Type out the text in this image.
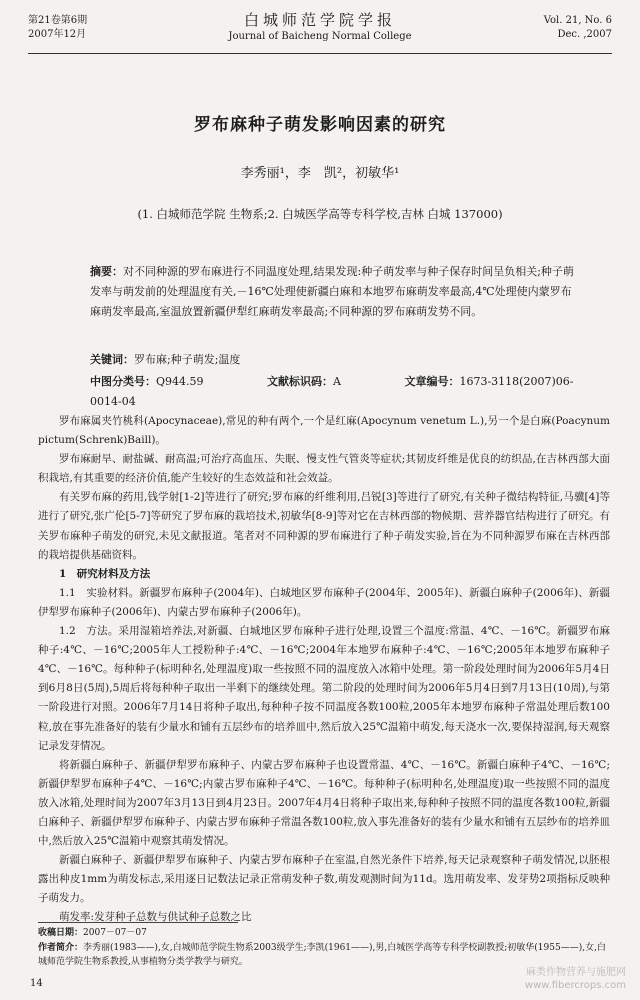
第21卷第6期
2007年12月
白城师范学院学报
Journal of Baicheng Normal College
Vol. 21, No. 6
Dec. ,2007
罗布麻种子萌发影响因素的研究
李秀丽¹，李　凯²，初敏华¹
(1. 白城师范学院 生物系;2. 白城医学高等专科学校,吉林 白城 137000)
摘要：对不同种源的罗布麻进行不同温度处理,结果发现:种子萌发率与种子保存时间呈负相关;种子萌发率与萌发前的处理温度有关,－16℃处理使新疆白麻和本地罗布麻萌发率最高,4℃处理使内蒙罗布麻萌发率最高,室温放置新疆伊犁红麻萌发率最高;不同种源的罗布麻萌发势不同。
关键词：罗布麻;种子萌发;温度
中图分类号：Q944.59	文献标识码：A	文章编号：1673-3118(2007)06-0014-04

罗布麻属夹竹桃科(Apocynaceae),常见的种有两个,一个是红麻(Apocynum venetum L.),另一个是白麻(Poacynum pictum(Schrenk)Baill)。

罗布麻耐旱、耐盐碱、耐高温;可治疗高血压、失眠、慢支性气管炎等症状;其韧皮纤维是优良的纺织品,在吉林西部大面积栽培,有其重要的经济价值,能产生较好的生态效益和社会效益。

有关罗布麻的药用,钱学射[1-2]等进行了研究;罗布麻的纤维利用,吕锐[3]等进行了研究,有关种子微结构特征,马骥[4]等进行了研究,张广伦[5-7]等研究了罗布麻的栽培技术,初敏华[8-9]等对它在吉林西部的物候期、营养器官结构进行了研究。有关罗布麻种子萌发的研究,未见文献报道。笔者对不同种源的罗布麻进行了种子萌发实验,旨在为不同种源罗布麻在吉林西部的栽培提供基础资料。

1　研究材料及方法

1.1　实验材料。新疆罗布麻种子(2004年)、白城地区罗布麻种子(2004年、2005年)、新疆白麻种子(2006年)、新疆伊犁罗布麻种子(2006年)、内蒙古罗布麻种子(2006年)。

1.2　方法。采用湿箱培养法,对新疆、白城地区罗布麻种子进行处理,设置三个温度:常温、4℃、－16℃。新疆罗布麻种子:4℃、－16℃;2005年人工授粉种子:4℃、－16℃;2004年本地罗布麻种子:4℃、－16℃;2005年本地罗布麻种子4℃、－16℃。每种种子(标明种名,处理温度)取一些按照不同的温度放入冰箱中处理。第一阶段处理时间为2006年5月4日到6月8日(5周),5周后将每种种子取出一半剩下的继续处理。第二阶段的处理时间为2006年5月4日到7月13日(10周),与第一阶段进行对照。2006年7月14日将种子取出,每种种子按不同温度各数100粒,2005年本地罗布麻种子常温处理后数100粒,放在事先准备好的装有少量水和铺有五层纱布的培养皿中,然后放入25℃温箱中萌发,每天浇水一次,要保持湿润,每天观察记录发芽情况。

将新疆白麻种子、新疆伊犁罗布麻种子、内蒙古罗布麻种子也设置常温、4℃、－16℃。新疆白麻种子4℃、－16℃;新疆伊犁罗布麻种子4℃、－16℃;内蒙古罗布麻种子4℃、－16℃。每种种子(标明种名,处理温度)取一些按照不同的温度放入冰箱,处理时间为2007年3月13日到4月23日。2007年4月4日将种子取出来,每种种子按照不同的温度各数100粒,新疆白麻种子、新疆伊犁罗布麻种子、内蒙古罗布麻种子常温各数100粒,放入事先准备好的装有少量水和铺有五层纱布的培养皿中,然后放入25℃温箱中观察其萌发情况。

新疆白麻种子、新疆伊犁罗布麻种子、内蒙古罗布麻种子在室温,自然光条件下培养,每天记录观察种子萌发情况,以胚根露出种皮1mm为萌发标志,采用逐日记数法记录正常萌发种子数,萌发观测时间为11d。选用萌发率、发芽势2项指标反映种子萌发力。

萌发率:发芽种子总数与供试种子总数之比

收稿日期：2007－07－07
作者简介：李秀丽(1983——),女,白城师范学院生物系2003级学生;李凯(1961——),男,白城医学高等专科学校副教授;初敏华(1955——),女,白城师范学院生物系教授,从事植物分类学教学与研究。
14
麻类作物营养与施肥网
www.fibercrops.com
